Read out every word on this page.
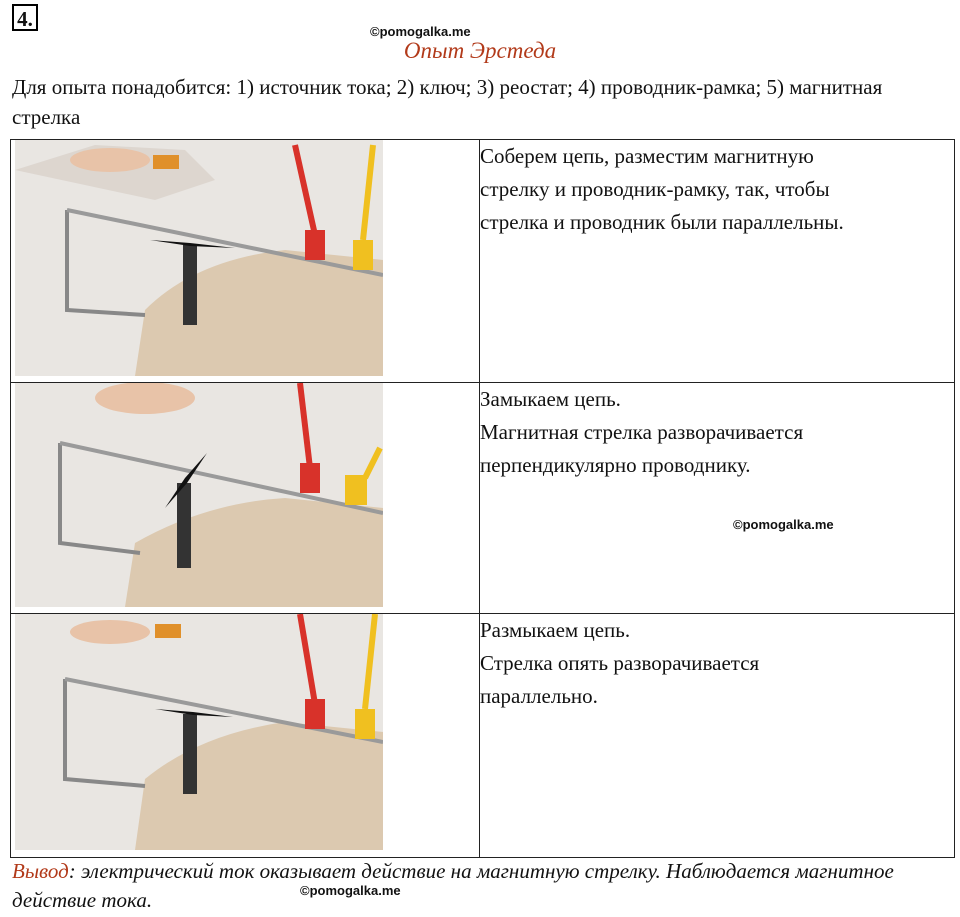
4.
©pomogalka.me
Опыт Эрстеда
Для опыта понадобится: 1) источник тока; 2) ключ; 3) реостат; 4) проводник-рамка; 5) магнитная стрелка

Соберем цепь, разместим магнитную
стрелку и проводник-рамку, так, чтобы
стрелка и проводник были параллельны.

Замыкаем цепь.
Магнитная стрелка разворачивается
перпендикулярно проводнику.
©pomogalka.me

Размыкаем цепь.
Стрелка опять разворачивается
параллельно.
Вывод: электрический ток оказывает действие на магнитную стрелку. Наблюдается магнитное действие тока.	©pomogalka.me
